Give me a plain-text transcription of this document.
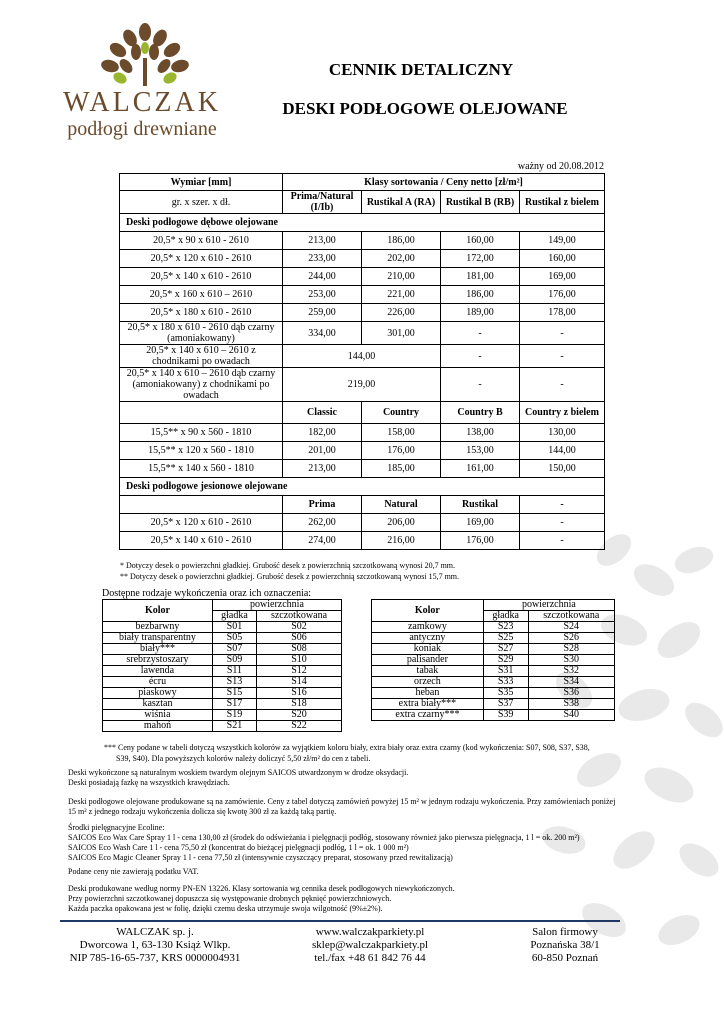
WALCZAK
podłogi drewniane
CENNIK DETALICZNY
DESKI PODŁOGOWE OLEJOWANE
ważny od 20.08.2012
Wymiar [mm]	Klasy sortowania / Ceny netto [zł/m²]			
gr. x szer. x dł.	Prima/Natural (I/Ib)	Rustikal A (RA)	Rustikal B (RB)	Rustikal z bielem
Deski podłogowe dębowe olejowane				
20,5* x 90 x 610 - 2610	213,00	186,00	160,00	149,00
20,5* x 120 x 610 - 2610	233,00	202,00	172,00	160,00
20,5* x 140 x 610 - 2610	244,00	210,00	181,00	169,00
20,5* x 160 x 610 – 2610	253,00	221,00	186,00	176,00
20,5* x 180 x 610 - 2610	259,00	226,00	189,00	178,00
20,5* x 180 x 610 - 2610 dąb czarny (amoniakowany)	334,00	301,00	-	-
20,5* x 140 x 610 – 2610 z chodnikami po owadach	144,00		-	-
20,5* x 140 x 610 – 2610 dąb czarny (amoniakowany) z chodnikami po owadach	219,00		-	-
	Classic	Country	Country B	Country z bielem
15,5** x 90 x 560 - 1810	182,00	158,00	138,00	130,00
15,5** x 120 x 560 - 1810	201,00	176,00	153,00	144,00
15,5** x 140 x 560 - 1810	213,00	185,00	161,00	150,00
Deski podłogowe jesionowe olejowane				
	Prima	Natural	Rustikal	-
20,5* x 120 x 610 - 2610	262,00	206,00	169,00	-
20,5* x 140 x 610 - 2610	274,00	216,00	176,00	-
* Dotyczy desek o powierzchni gładkiej. Grubość desek z powierzchnią szczotkowaną wynosi 20,7 mm.
** Dotyczy desek o powierzchni gładkiej. Grubość desek z powierzchnią szczotkowaną wynosi 15,7 mm.
Dostępne rodzaje wykończenia oraz ich oznaczenia:
Kolor	powierzchnia	
	gładka	szczotkowana
bezbarwny	S01	S02
biały transparentny	S05	S06
biały***	S07	S08
srebrzystoszary	S09	S10
lawenda	S11	S12
écru	S13	S14
piaskowy	S15	S16
kasztan	S17	S18
wiśnia	S19	S20
mahoń	S21	S22
Kolor	powierzchnia	
	gładka	szczotkowana
zamkowy	S23	S24
antyczny	S25	S26
koniak	S27	S28
palisander	S29	S30
tabak	S31	S32
orzech	S33	S34
heban	S35	S36
extra biały***	S37	S38
extra czarny***	S39	S40
*** Ceny podane w tabeli dotyczą wszystkich kolorów za wyjątkiem koloru biały, extra biały oraz extra czarny (kod wykończenia: S07, S08, S37, S38,
S39, S40). Dla powyższych kolorów należy doliczyć 5,50 zł/m² do cen z tabeli.
Deski wykończone są naturalnym woskiem twardym olejnym SAICOS utwardzonym w drodze oksydacji.
Deski posiadają fazkę na wszystkich krawędziach.
Deski podłogowe olejowane produkowane są na zamówienie. Ceny z tabel dotyczą zamówień powyżej 15 m² w jednym rodzaju wykończenia. Przy zamówieniach poniżej
15 m² z jednego rodzaju wykończenia dolicza się kwotę 300 zł za każdą taką partię.
Środki pielęgnacyjne Ecoline:
SAICOS Eco Wax Care Spray 1 l - cena 130,00 zł (środek do odświeżania i pielęgnacji podłóg, stosowany również jako pierwsza pielęgnacja, 1 l = ok. 200 m²)
SAICOS Eco Wash Care 1 l - cena 75,50 zł (koncentrat do bieżącej pielęgnacji podłóg, 1 l = ok. 1 000 m²)
SAICOS Eco Magic Cleaner Spray 1 l - cena 77,50 zł (intensywnie czyszczący preparat, stosowany przed rewitalizacją)
Podane ceny nie zawierają podatku VAT.
Deski produkowane według normy PN-EN 13226. Klasy sortowania wg cennika desek podłogowych niewykończonych.
Przy powierzchni szczotkowanej dopuszcza się występowanie drobnych pęknięć powierzchniowych.
Każda paczka opakowana jest w folię, dzięki czemu deska utrzymuje swoja wilgotność (9%±2%).
WALCZAK sp. j.
Dworcowa 1, 63-130 Książ Wlkp.
NIP 785-16-65-737, KRS 0000004931
www.walczakparkiety.pl
sklep@walczakparkiety.pl
tel./fax +48 61 842 76 44
Salon firmowy
Poznańska 38/1
60-850 Poznań
